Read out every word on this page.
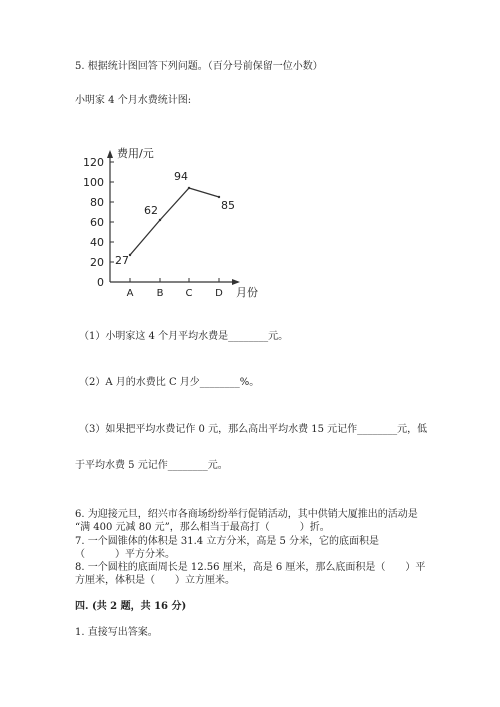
5. 根据统计图回答下列问题。（百分号前保留一位小数）
小明家 4 个月水费统计图:
0
20
40
60
80
100
120
费用/元
月份
A B C D
27
62
94
85
（1）小明家这 4 个月平均水费是________元。
（2）A 月的水费比 C 月少________%。
（3）如果把平均水费记作 0 元，那么高出平均水费 15 元记作________元，低
于平均水费 5 元记作________元。
6. 为迎接元旦，绍兴市各商场纷纷举行促销活动，其中供销大厦推出的活动是
“满 400 元减 80 元”，那么相当于最高打（　　　）折。
7. 一个圆锥体的体积是 31.4 立方分米，高是 5 分米，它的底面积是
（　　　）平方分米。
8. 一个圆柱的底面周长是 12.56 厘米，高是 6 厘米，那么底面积是（　　）平
方厘米，体积是（　　）立方厘米。
四. (共 2 题，共 16 分)
1. 直接写出答案。
